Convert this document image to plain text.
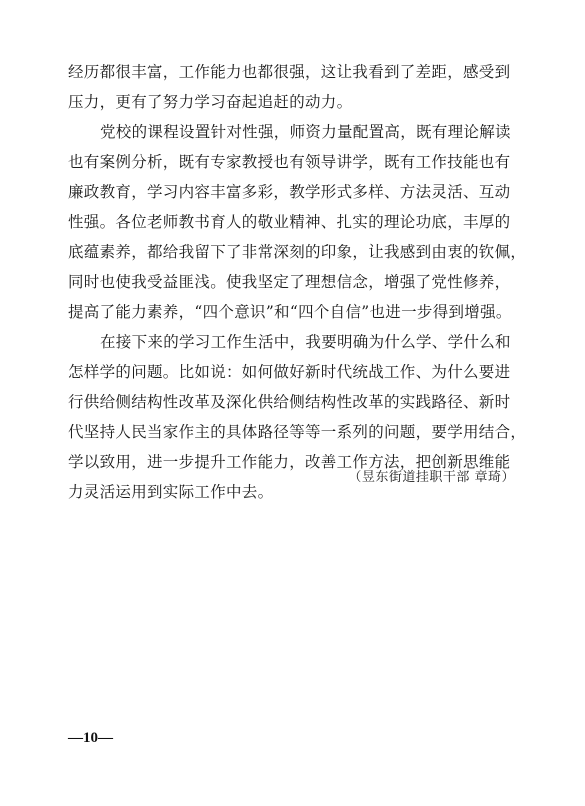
经历都很丰富，工作能力也都很强，这让我看到了差距，感受到
压力，更有了努力学习奋起追赶的动力。

党校的课程设置针对性强，师资力量配置高，既有理论解读
也有案例分析，既有专家教授也有领导讲学，既有工作技能也有
廉政教育，学习内容丰富多彩，教学形式多样、方法灵活、互动
性强。各位老师教书育人的敬业精神、扎实的理论功底，丰厚的
底蕴素养，都给我留下了非常深刻的印象，让我感到由衷的钦佩，
同时也使我受益匪浅。使我坚定了理想信念，增强了党性修养，
提高了能力素养，“四个意识”和“四个自信”也进一步得到增强。

在接下来的学习工作生活中，我要明确为什么学、学什么和
怎样学的问题。比如说：如何做好新时代统战工作、为什么要进
行供给侧结构性改革及深化供给侧结构性改革的实践路径、新时
代坚持人民当家作主的具体路径等等一系列的问题，要学用结合，
学以致用，进一步提升工作能力，改善工作方法，把创新思维能
力灵活运用到实际工作中去。

（昱东街道挂职干部 章琦）
—10—
